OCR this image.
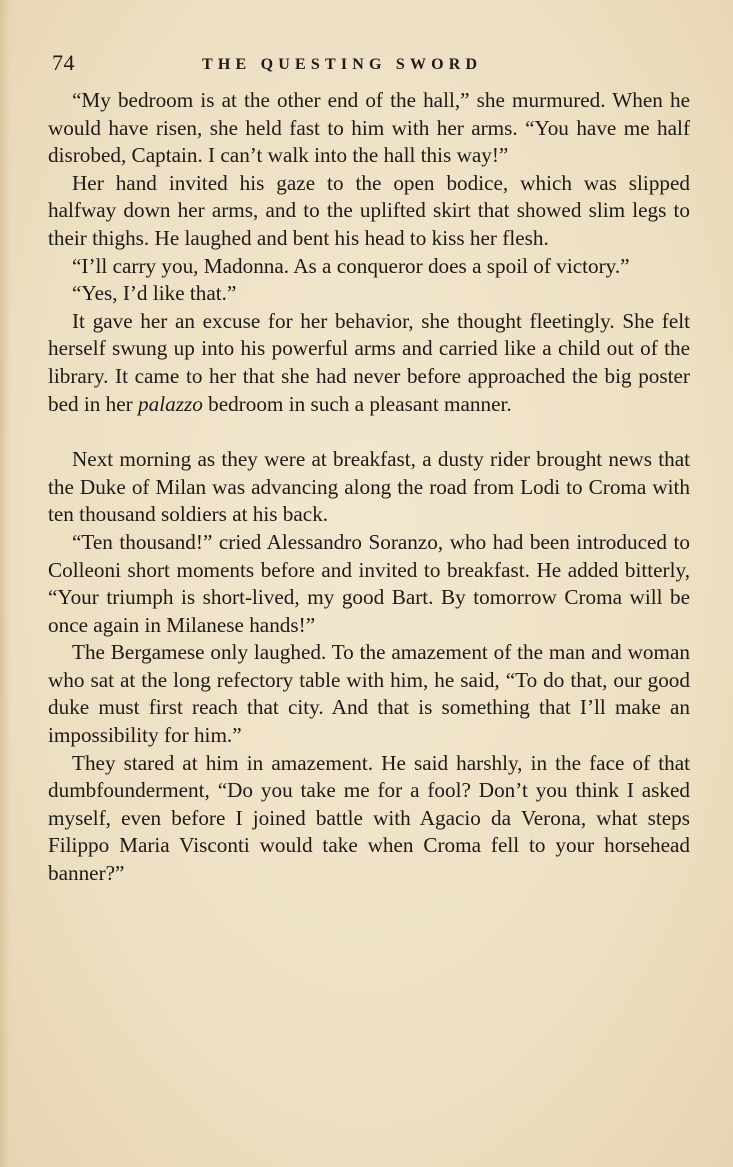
74	THE QUESTING SWORD

“My bedroom is at the other end of the hall,” she murmured. When he would have risen, she held fast to him with her arms. “You have me half disrobed, Captain. I can’t walk into the hall this way!”

Her hand invited his gaze to the open bodice, which was slipped halfway down her arms, and to the uplifted skirt that showed slim legs to their thighs. He laughed and bent his head to kiss her flesh.

“I’ll carry you, Madonna. As a conqueror does a spoil of victory.”

“Yes, I’d like that.”

It gave her an excuse for her behavior, she thought fleetingly. She felt herself swung up into his powerful arms and carried like a child out of the library. It came to her that she had never before approached the big poster bed in her palazzo bedroom in such a pleasant manner.

Next morning as they were at breakfast, a dusty rider brought news that the Duke of Milan was advancing along the road from Lodi to Croma with ten thousand soldiers at his back.

“Ten thousand!” cried Alessandro Soranzo, who had been introduced to Colleoni short moments before and invited to breakfast. He added bitterly, “Your triumph is short-lived, my good Bart. By tomorrow Croma will be once again in Milanese hands!”

The Bergamese only laughed. To the amazement of the man and woman who sat at the long refectory table with him, he said, “To do that, our good duke must first reach that city. And that is something that I’ll make an impossibility for him.”

They stared at him in amazement. He said harshly, in the face of that dumbfounderment, “Do you take me for a fool? Don’t you think I asked myself, even before I joined battle with Agacio da Verona, what steps Filippo Maria Visconti would take when Croma fell to your horsehead banner?”
